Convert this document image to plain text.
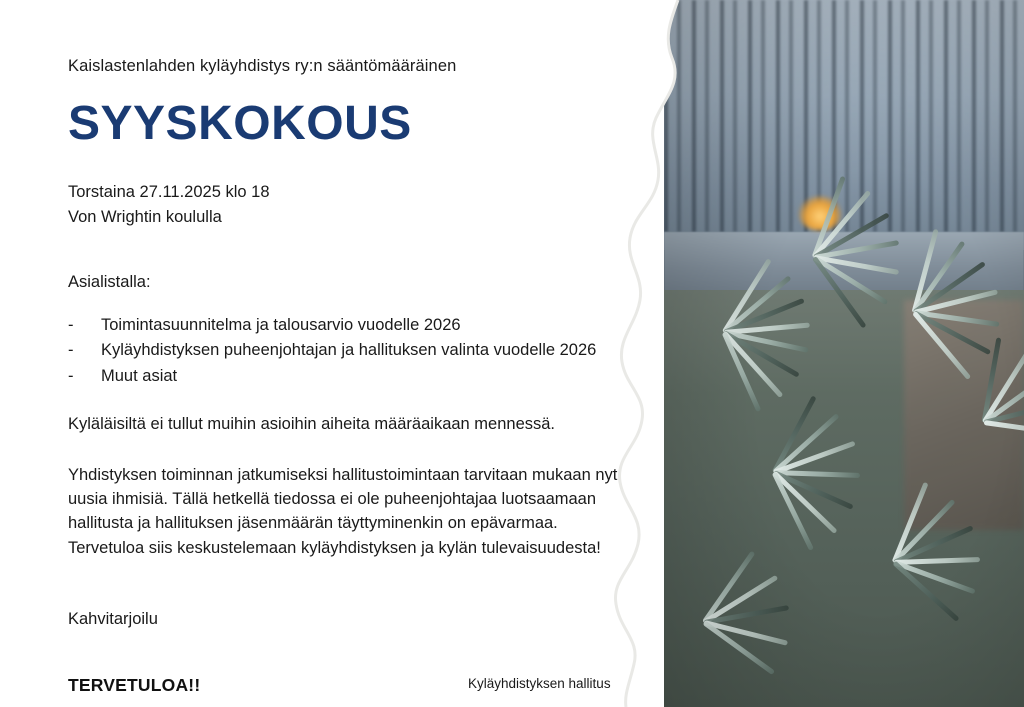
Kaislastenlahden kyläyhdistys ry:n sääntömääräinen
SYYSKOKOUS
Torstaina 27.11.2025 klo 18
Von Wrightin koululla
Asialistalla:
- Toimintasuunnitelma ja talousarvio vuodelle 2026
- Kyläyhdistyksen puheenjohtajan ja hallituksen valinta vuodelle 2026
- Muut asiat
Kyläläisiltä ei tullut muihin asioihin aiheita määräaikaan mennessä.
Yhdistyksen toiminnan jatkumiseksi hallitustoimintaan tarvitaan mukaan nyt uusia ihmisiä. Tällä hetkellä tiedossa ei ole puheenjohtajaa luotsaamaan hallitusta ja hallituksen jäsenmäärän täyttyminenkin on epävarmaa. Tervetuloa siis keskustelemaan kyläyhdistyksen ja kylän tulevaisuudesta!
Kahvitarjoilu
TERVETULOA!!	Kyläyhdistyksen hallitus
